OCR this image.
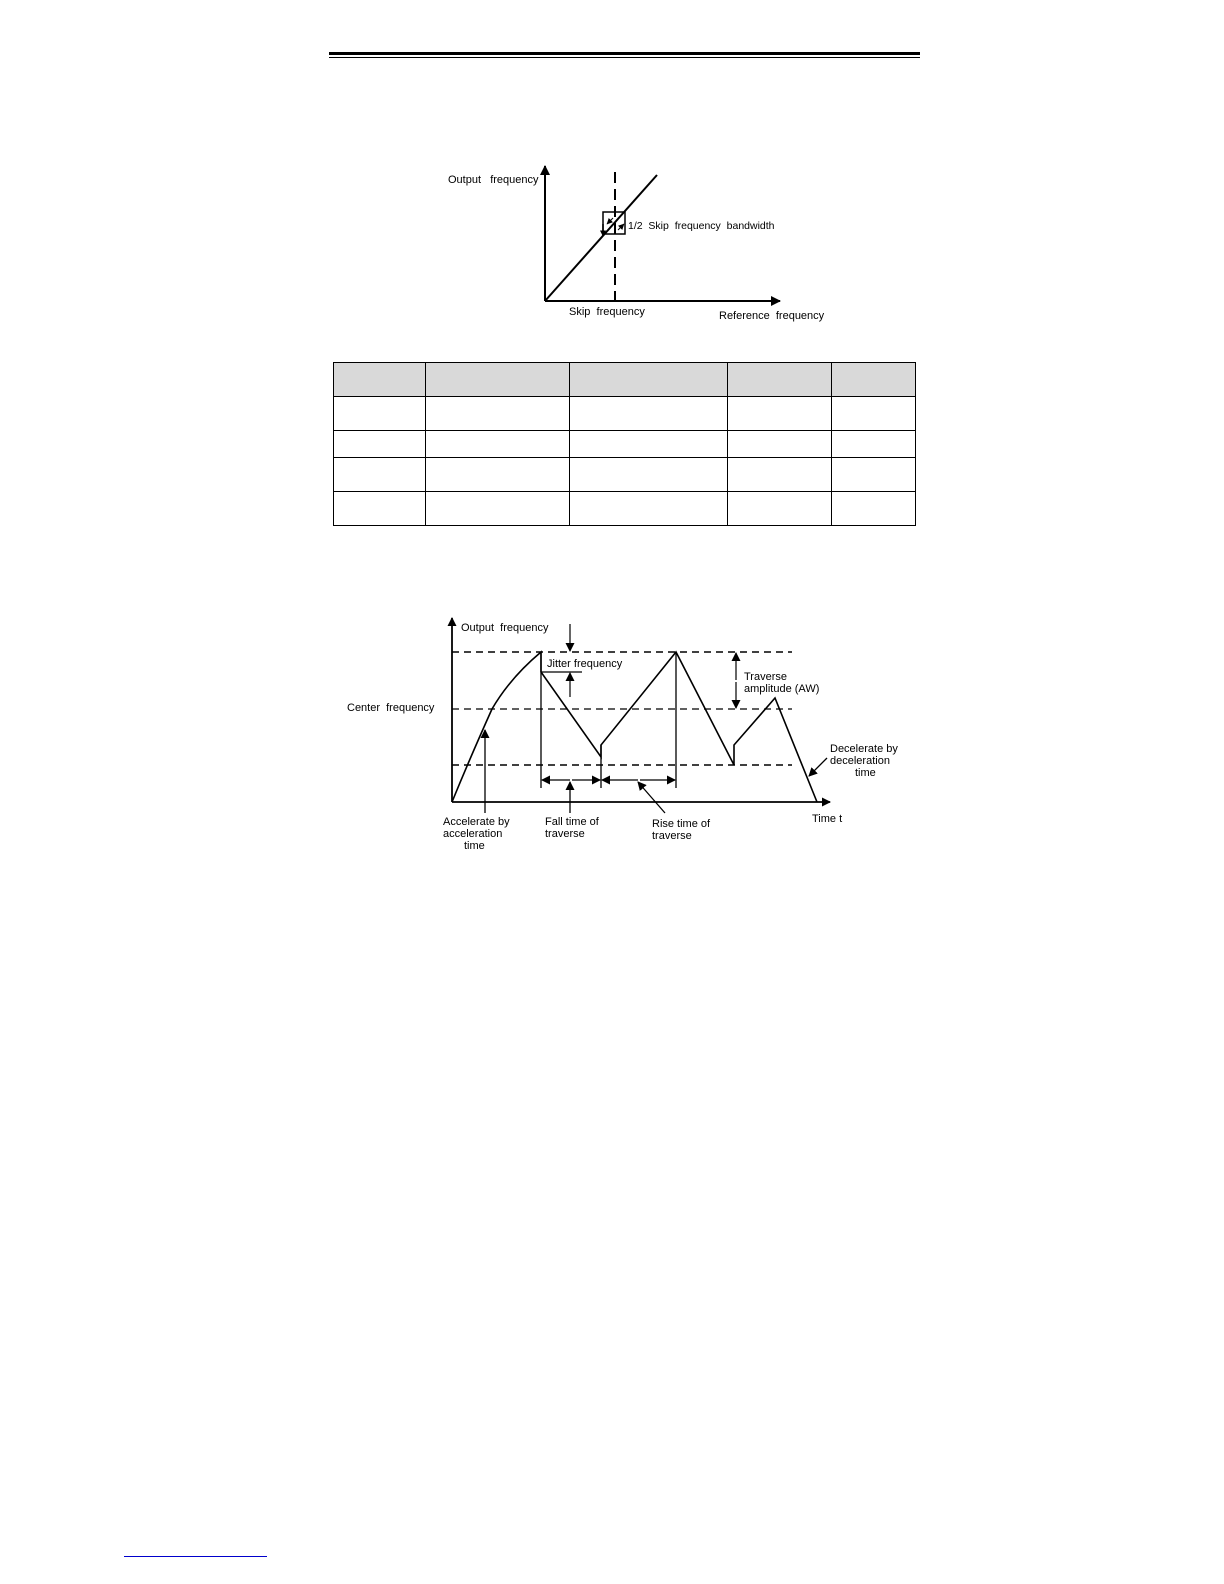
Output   frequency
1/2  Skip  frequency  bandwidth
Skip  frequency	Reference  frequency

Output  frequency
Jitter frequency
Center  frequency
Traverse
amplitude (AW)
Decelerate by
deceleration
time
Time t
Accelerate by
acceleration
time
Fall time of
traverse
Rise time of
traverse
